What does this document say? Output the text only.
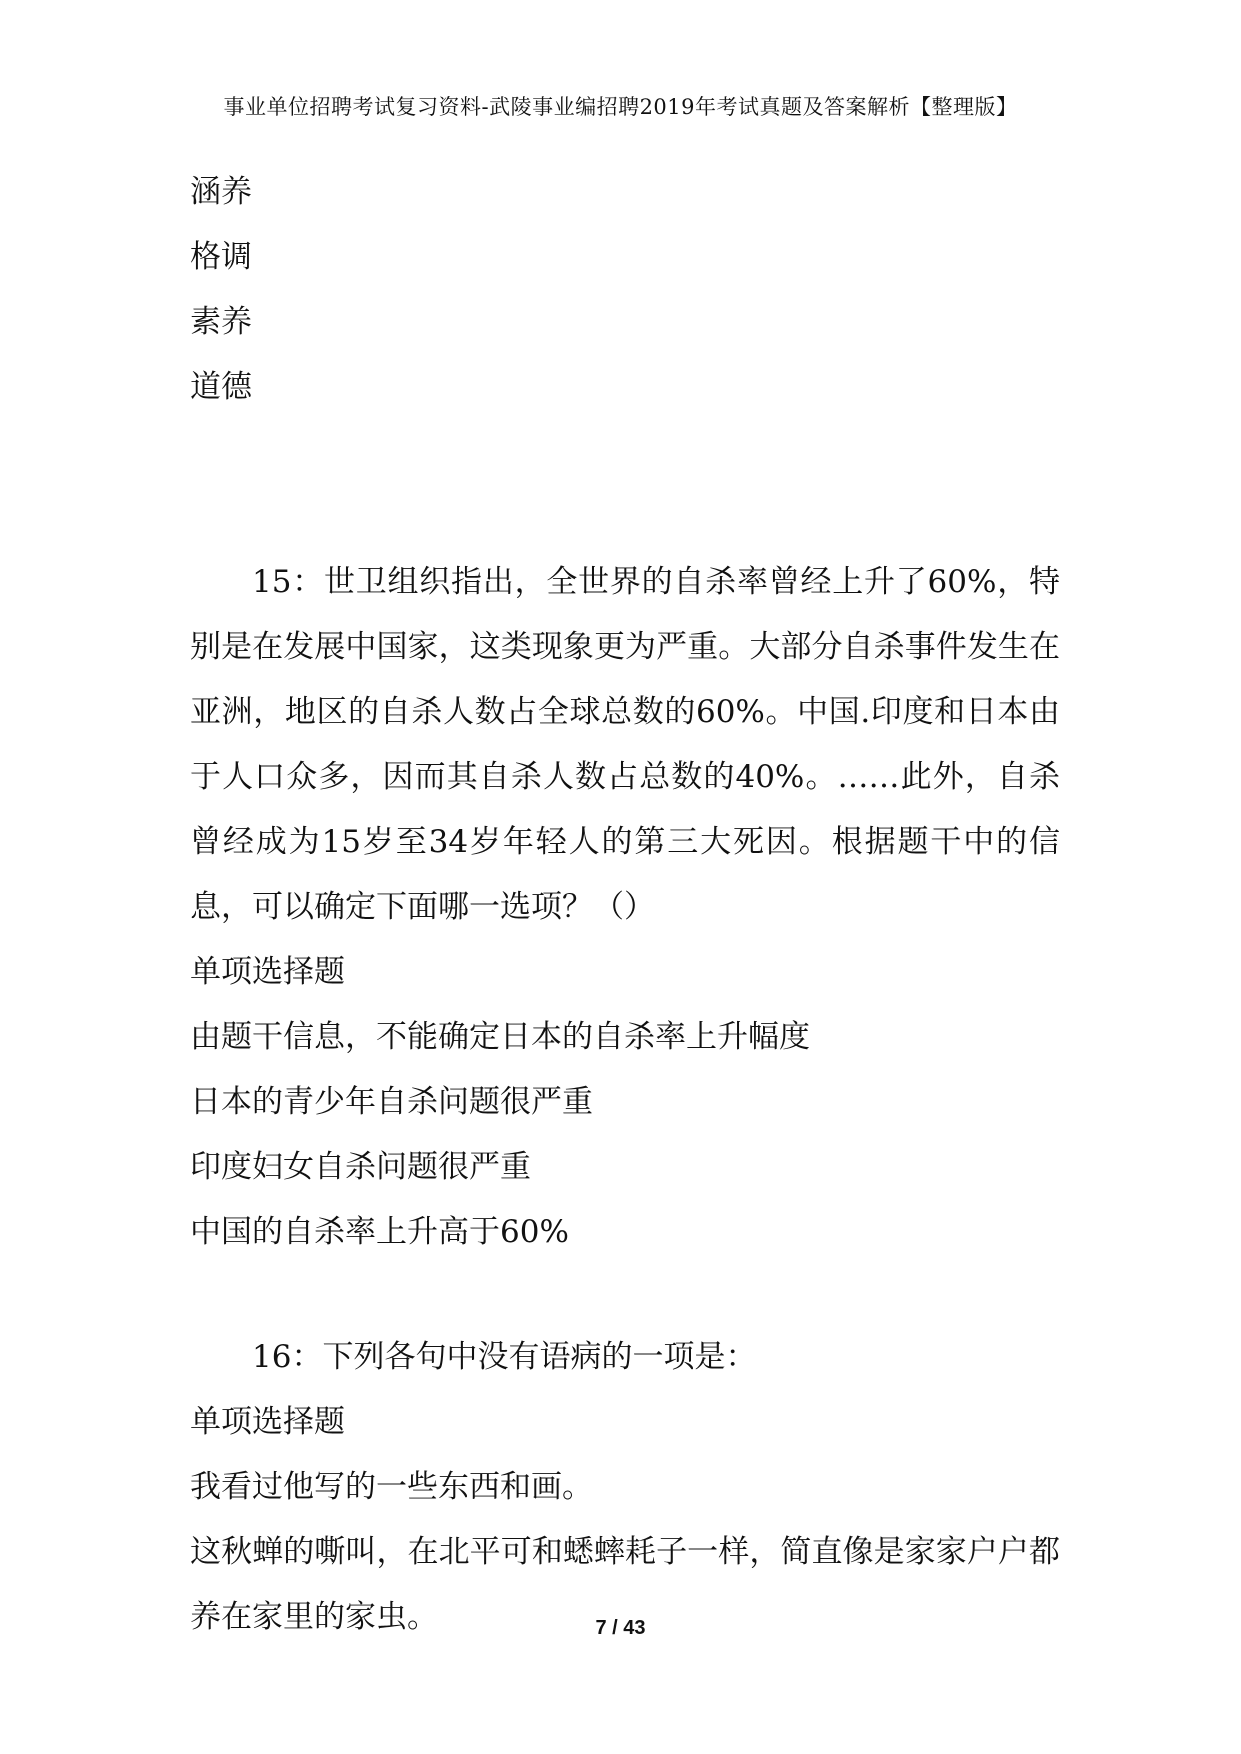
事业单位招聘考试复习资料-武陵事业编招聘2019年考试真题及答案解析【整理版】
涵养
格调
素养
道德

15：世卫组织指出，全世界的自杀率曾经上升了60%，特别是在发展中国家，这类现象更为严重。大部分自杀事件发生在亚洲，地区的自杀人数占全球总数的60%。中国.印度和日本由于人口众多，因而其自杀人数占总数的40%。……此外，自杀曾经成为15岁至34岁年轻人的第三大死因。根据题干中的信息，可以确定下面哪一选项？（）

单项选择题
由题干信息，不能确定日本的自杀率上升幅度
日本的青少年自杀问题很严重
印度妇女自杀问题很严重
中国的自杀率上升高于60%

16：下列各句中没有语病的一项是：

单项选择题
我看过他写的一些东西和画。

这秋蝉的嘶叫，在北平可和蟋蟀耗子一样，简直像是家家户户都养在家里的家虫。	7 / 43
